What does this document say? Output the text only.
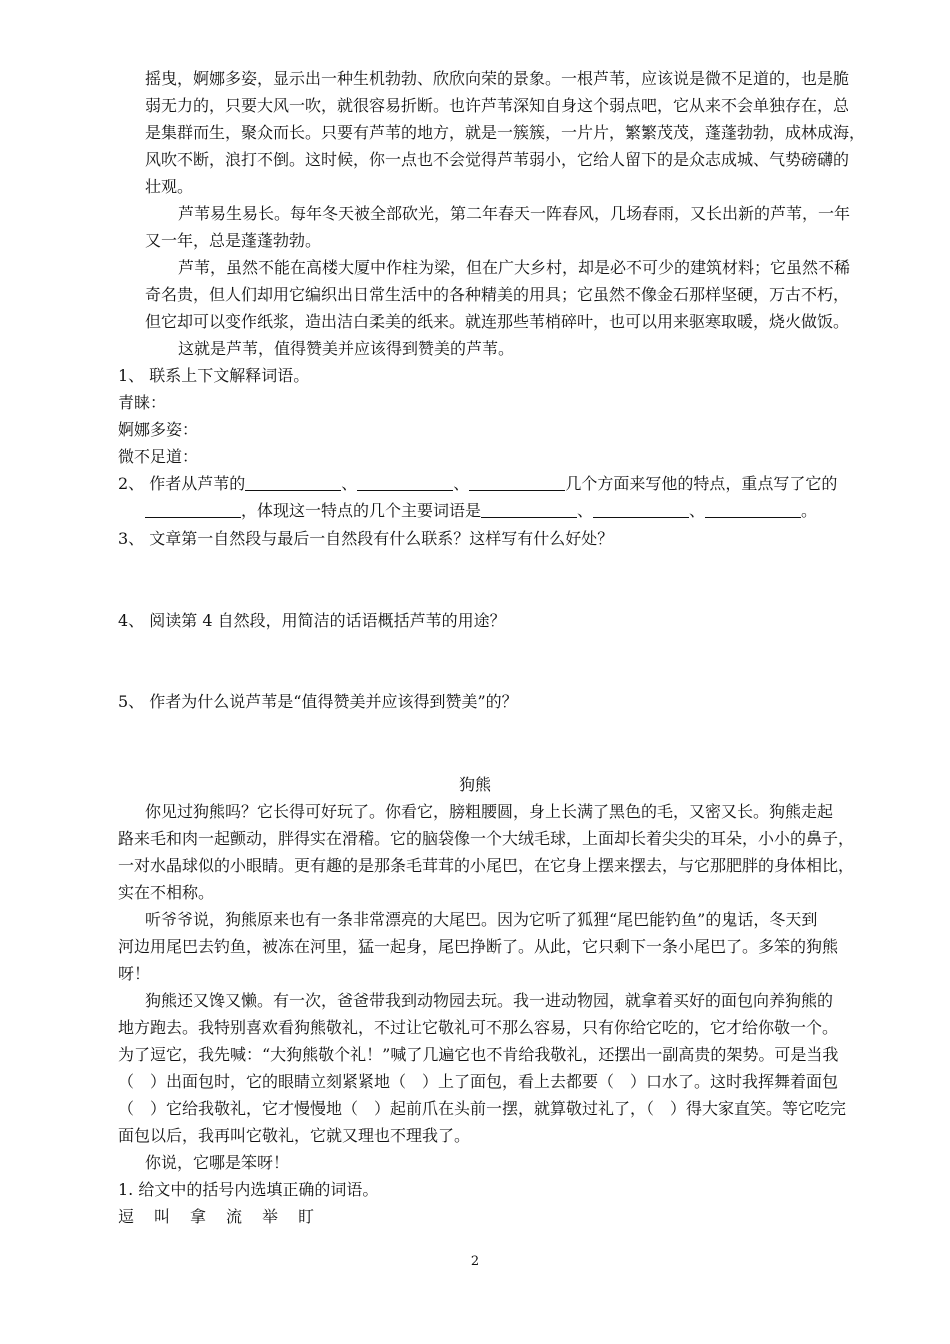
摇曳，婀娜多姿，显示出一种生机勃勃、欣欣向荣的景象。一根芦苇，应该说是微不足道的，也是脆
弱无力的，只要大风一吹，就很容易折断。也许芦苇深知自身这个弱点吧，它从来不会单独存在，总
是集群而生，聚众而长。只要有芦苇的地方，就是一簇簇，一片片，繁繁茂茂，蓬蓬勃勃，成林成海，
风吹不断，浪打不倒。这时候，你一点也不会觉得芦苇弱小，它给人留下的是众志成城、气势磅礴的
壮观。
芦苇易生易长。每年冬天被全部砍光，第二年春天一阵春风，几场春雨，又长出新的芦苇，一年
又一年，总是蓬蓬勃勃。
芦苇，虽然不能在高楼大厦中作柱为梁，但在广大乡村，却是必不可少的建筑材料；它虽然不稀
奇名贵，但人们却用它编织出日常生活中的各种精美的用具；它虽然不像金石那样坚硬，万古不朽，
但它却可以变作纸浆，造出洁白柔美的纸来。就连那些苇梢碎叶，也可以用来驱寒取暖，烧火做饭。
这就是芦苇，值得赞美并应该得到赞美的芦苇。
1、 联系上下文解释词语。
青睐：
婀娜多姿：
微不足道：
2、 作者从芦苇的	、	、	几个方面来写他的特点，重点写了它的
，体现这一特点的几个主要词语是	、	、	。
3、 文章第一自然段与最后一自然段有什么联系？这样写有什么好处？
4、 阅读第 4 自然段，用简洁的话语概括芦苇的用途？
5、 作者为什么说芦苇是“值得赞美并应该得到赞美”的？
狗熊
你见过狗熊吗？它长得可好玩了。你看它，膀粗腰圆，身上长满了黑色的毛，又密又长。狗熊走起
路来毛和肉一起颤动，胖得实在滑稽。它的脑袋像一个大绒毛球，上面却长着尖尖的耳朵，小小的鼻子，
一对水晶球似的小眼睛。更有趣的是那条毛茸茸的小尾巴，在它身上摆来摆去，与它那肥胖的身体相比，
实在不相称。
听爷爷说，狗熊原来也有一条非常漂亮的大尾巴。因为它听了狐狸“尾巴能钓鱼”的鬼话，冬天到
河边用尾巴去钓鱼，被冻在河里，猛一起身，尾巴挣断了。从此，它只剩下一条小尾巴了。多笨的狗熊
呀！
狗熊还又馋又懒。有一次，爸爸带我到动物园去玩。我一进动物园，就拿着买好的面包向养狗熊的
地方跑去。我特别喜欢看狗熊敬礼，不过让它敬礼可不那么容易，只有你给它吃的，它才给你敬一个。
为了逗它，我先喊：“大狗熊敬个礼！”喊了几遍它也不肯给我敬礼，还摆出一副高贵的架势。可是当我
（　）出面包时，它的眼睛立刻紧紧地（　）上了面包，看上去都要（　）口水了。这时我挥舞着面包
（　）它给我敬礼，它才慢慢地（　）起前爪在头前一摆，就算敬过礼了，（　）得大家直笑。等它吃完
面包以后，我再叫它敬礼，它就又理也不理我了。
你说，它哪是笨呀！
1. 给文中的括号内选填正确的词语。
逗　叫　拿　流　举　盯
2
